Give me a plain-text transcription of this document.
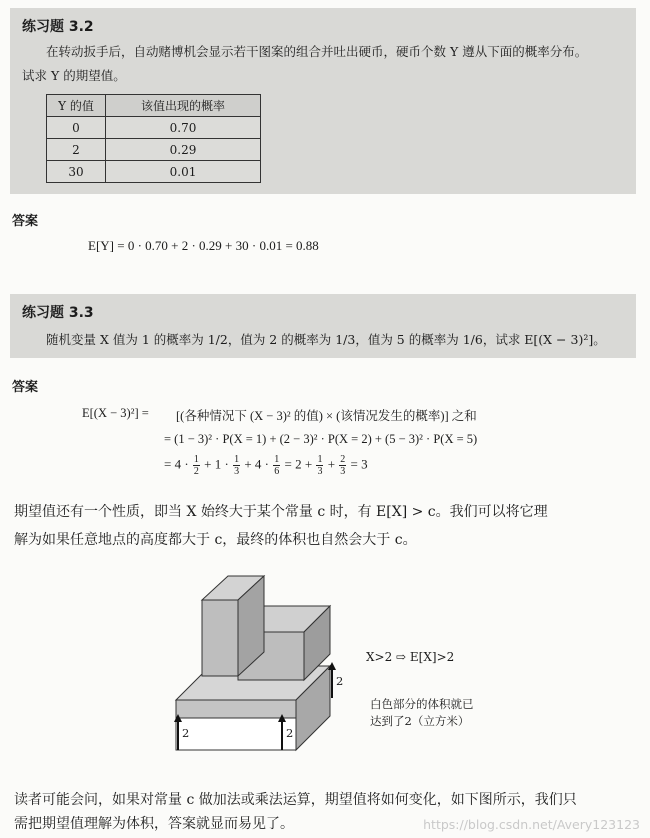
练习题 3.2
在转动扳手后，自动赌博机会显示若干图案的组合并吐出硬币，硬币个数 Y 遵从下面的概率分布。
试求 Y 的期望值。
Y 的值	该值出现的概率
0	0.70
2	0.29
30	0.01
答案
E[Y] = 0 · 0.70 + 2 · 0.29 + 30 · 0.01 = 0.88
练习题 3.3
随机变量 X 值为 1 的概率为 1/2，值为 2 的概率为 1/3，值为 5 的概率为 1/6，试求 E[(X − 3)²]。
答案
E[(X − 3)²] = [(各种情况下 (X − 3)² 的值) × (该情况发生的概率)] 之和
= (1 − 3)² · P(X = 1) + (2 − 3)² · P(X = 2) + (5 − 3)² · P(X = 5)
= $4 \cdot \frac{1}{2} + 1 \cdot \frac{1}{3} + 4 \cdot \frac{1}{6} = 2 + \frac{1}{3} + \frac{2}{3} = 3$
期望值还有一个性质，即当 X 始终大于某个常量 c 时，有 E[X] > c。我们可以将它理
解为如果任意地点的高度都大于 c，最终的体积也自然会大于 c。
2	2
2
X>2 ⇨ E[X]>2
白色部分的体积就已
达到了2（立方米）
读者可能会问，如果对常量 c 做加法或乘法运算，期望值将如何变化，如下图所示，我们只
需把期望值理解为体积，答案就显而易见了。	https://blog.csdn.net/Avery123123
